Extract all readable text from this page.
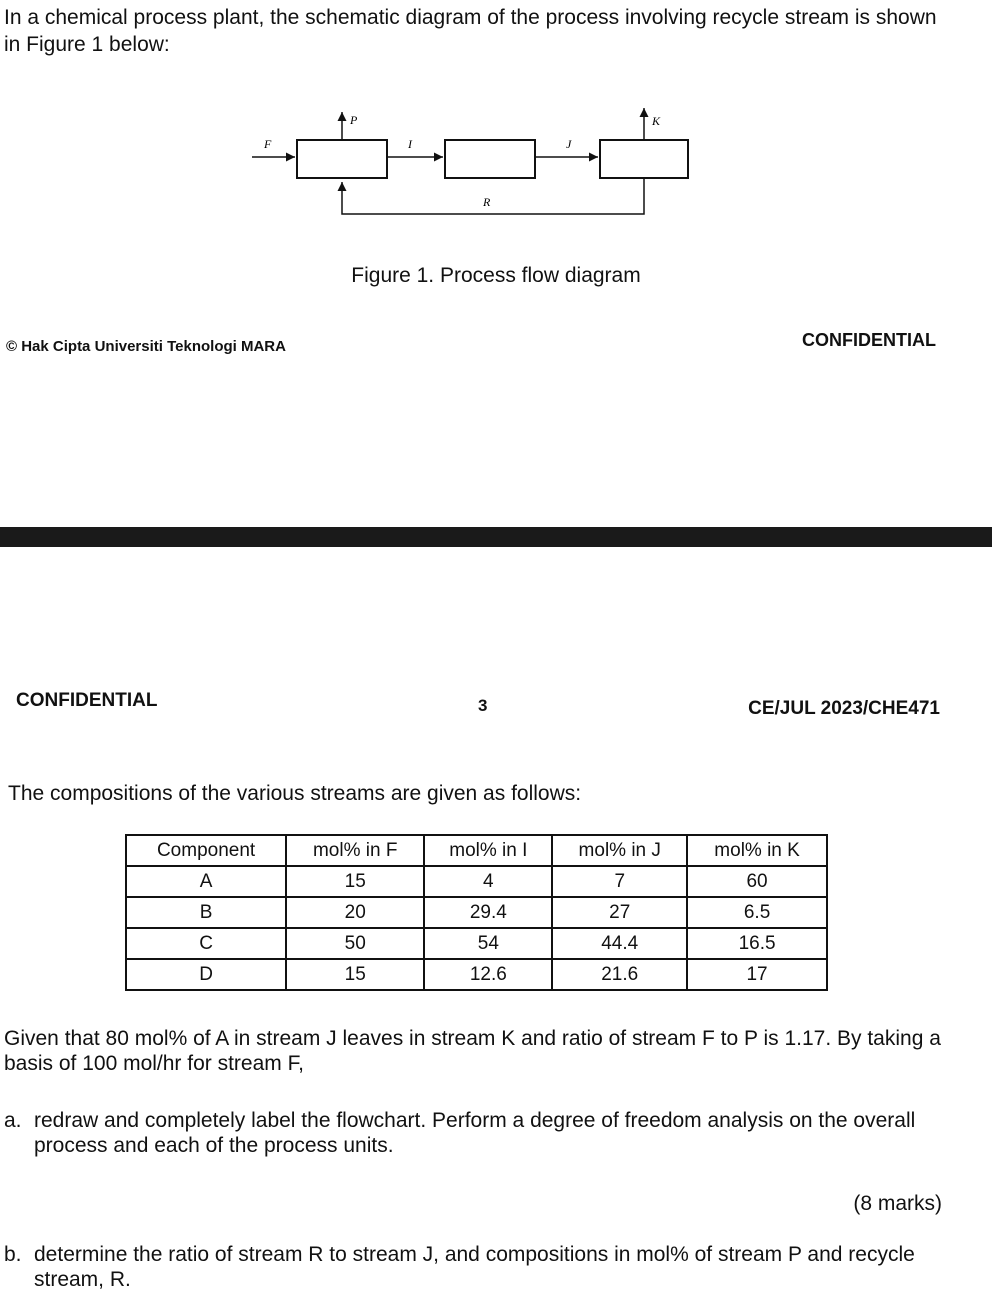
In a chemical process plant, the schematic diagram of the process involving recycle stream is shown in Figure 1 below:
F
P
I	J
K
R
Figure 1. Process flow diagram
© Hak Cipta Universiti Teknologi MARA	CONFIDENTIAL
CONFIDENTIAL	3	CE/JUL 2023/CHE471
The compositions of the various streams are given as follows:
Component	mol% in F	mol% in I	mol% in J	mol% in K
A	15	4	7	60
B	20	29.4	27	6.5
C	50	54	44.4	16.5
D	15	12.6	21.6	17
Given that 80 mol% of A in stream J leaves in stream K and ratio of stream F to P is 1.17. By taking a basis of 100 mol/hr for stream F,
a. redraw and completely label the flowchart. Perform a degree of freedom analysis on the overall process and each of the process units.
(8 marks)
b. determine the ratio of stream R to stream J, and compositions in mol% of stream P and recycle stream, R.
